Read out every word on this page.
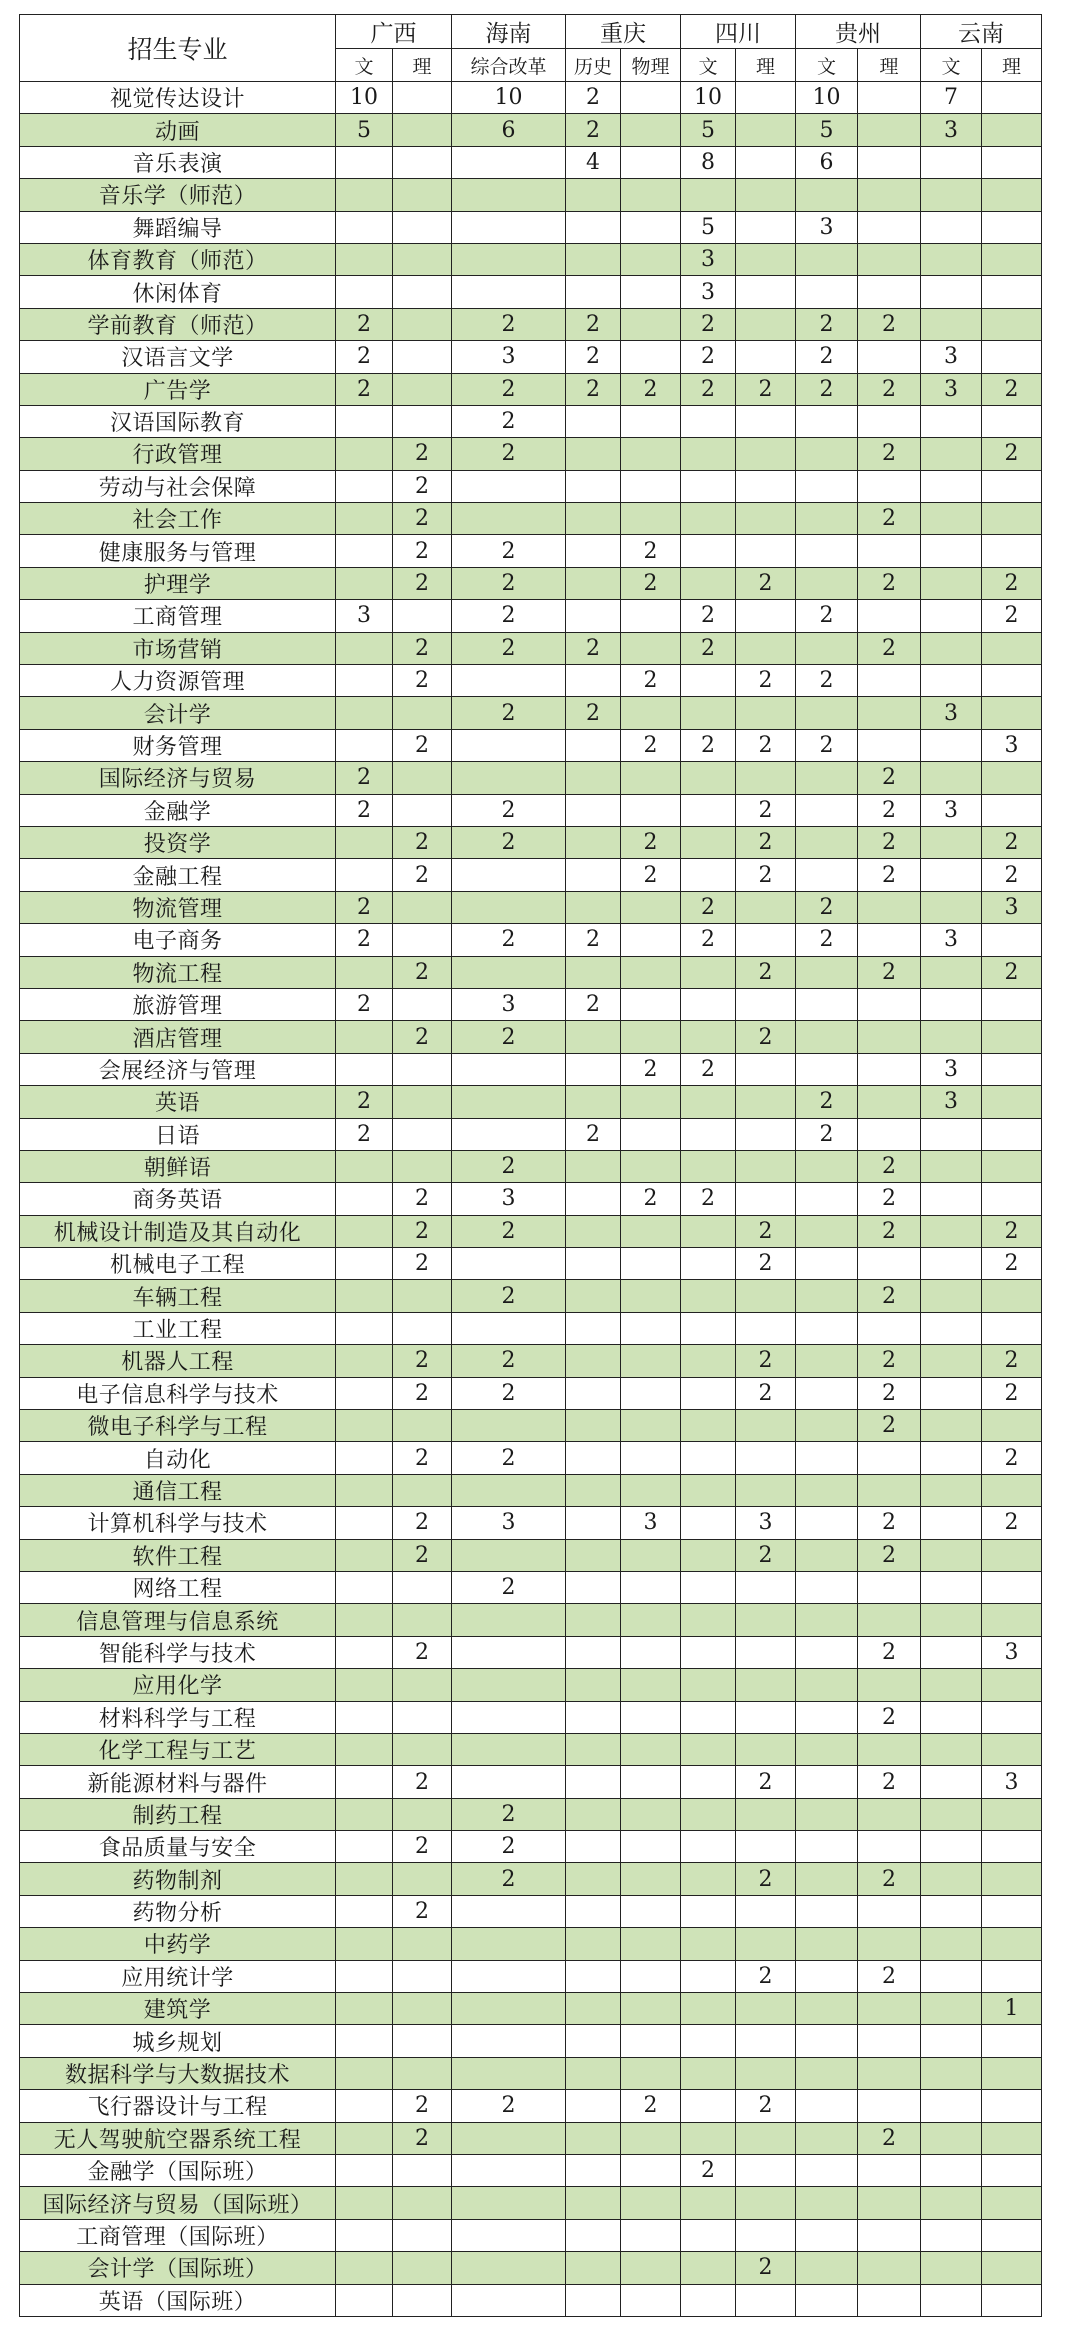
招生专业	广西		海南	重庆		四川		贵州		云南	
	文	理	综合改革	历史	物理	文	理	文	理	文	理
视觉传达设计	10		10	2		10		10		7	
动画	5		6	2		5		5		3	
音乐表演				4		8		6			
音乐学（师范）											
舞蹈编导						5		3			
体育教育（师范）						3					
休闲体育						3					
学前教育（师范）	2		2	2		2		2	2		
汉语言文学	2		3	2		2		2		3	
广告学	2		2	2	2	2	2	2	2	3	2
汉语国际教育			2								
行政管理		2	2						2		2
劳动与社会保障		2									
社会工作		2							2		
健康服务与管理		2	2		2						
护理学		2	2		2		2		2		2
工商管理	3		2			2		2			2
市场营销		2	2	2		2			2		
人力资源管理		2			2		2	2			
会计学			2	2						3	
财务管理		2			2	2	2	2			3
国际经济与贸易	2								2		
金融学	2		2				2		2	3	
投资学		2	2		2		2		2		2
金融工程		2			2		2		2		2
物流管理	2					2		2			3
电子商务	2		2	2		2		2		3	
物流工程		2					2		2		2
旅游管理	2		3	2							
酒店管理		2	2				2				
会展经济与管理					2	2				3	
英语	2							2		3	
日语	2			2				2			
朝鲜语			2						2		
商务英语		2	3		2	2			2		
机械设计制造及其自动化		2	2				2		2		2
机械电子工程		2					2				2
车辆工程			2						2		
工业工程											
机器人工程		2	2				2		2		2
电子信息科学与技术		2	2				2		2		2
微电子科学与工程									2		
自动化		2	2								2
通信工程											
计算机科学与技术		2	3		3		3		2		2
软件工程		2					2		2		
网络工程			2								
信息管理与信息系统											
智能科学与技术		2							2		3
应用化学											
材料科学与工程									2		
化学工程与工艺											
新能源材料与器件		2					2		2		3
制药工程			2								
食品质量与安全		2	2								
药物制剂			2				2		2		
药物分析		2									
中药学											
应用统计学							2		2		
建筑学											1
城乡规划											
数据科学与大数据技术											
飞行器设计与工程		2	2		2		2				
无人驾驶航空器系统工程		2							2		
金融学（国际班）						2					
国际经济与贸易（国际班）											
工商管理（国际班）											
会计学（国际班）							2				
英语（国际班）											
